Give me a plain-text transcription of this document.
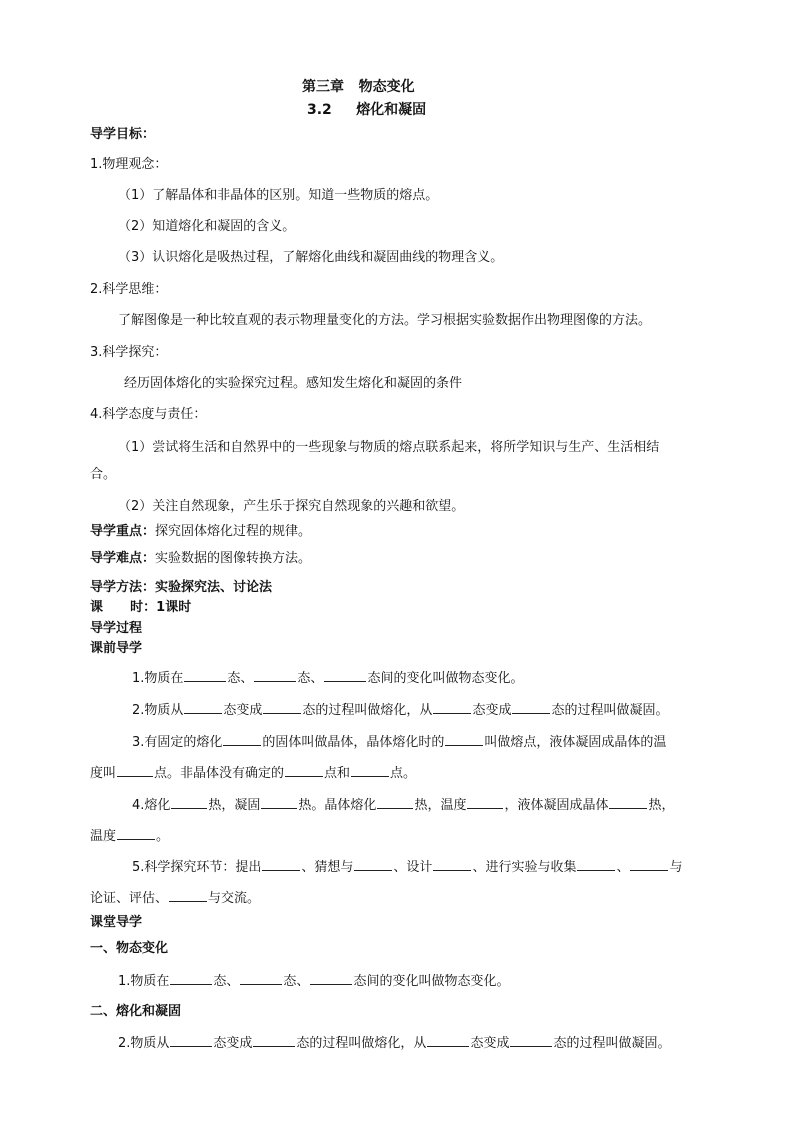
第三章 物态变化
3.2 熔化和凝固
导学目标：
1.物理观念：
（1）了解晶体和非晶体的区别。知道一些物质的熔点。
（2）知道熔化和凝固的含义。
（3）认识熔化是吸热过程，了解熔化曲线和凝固曲线的物理含义。
2.科学思维：
了解图像是一种比较直观的表示物理量变化的方法。学习根据实验数据作出物理图像的方法。
3.科学探究：
经历固体熔化的实验探究过程。感知发生熔化和凝固的条件
4.科学态度与责任：
（1）尝试将生活和自然界中的一些现象与物质的熔点联系起来，将所学知识与生产、生活相结
合。
（2）关注自然现象，产生乐于探究自然现象的兴趣和欲望。
导学重点：探究固体熔化过程的规律。
导学难点：实验数据的图像转换方法。
导学方法：实验探究法、讨论法
课      时：1课时
导学过程
课前导学
1.物质在	态、	态、	态间的变化叫做物态变化。
2.物质从	态变成	态的过程叫做熔化，从	态变成	态的过程叫做凝固。
3.有固定的熔化	的固体叫做晶体，晶体熔化时的	叫做熔点，液体凝固成晶体的温
度叫	点。非晶体没有确定的	点和	点。
4.熔化	热，凝固	热。晶体熔化	热，温度	，液体凝固成晶体	热，
温度	。
5.科学探究环节：提出	、猜想与	、设计	、进行实验与收集	、	与
论证、评估、	与交流。
课堂导学
一、物态变化
1.物质在	态、	态、	态间的变化叫做物态变化。
二、熔化和凝固
2.物质从	态变成	态的过程叫做熔化，从	态变成	态的过程叫做凝固。
